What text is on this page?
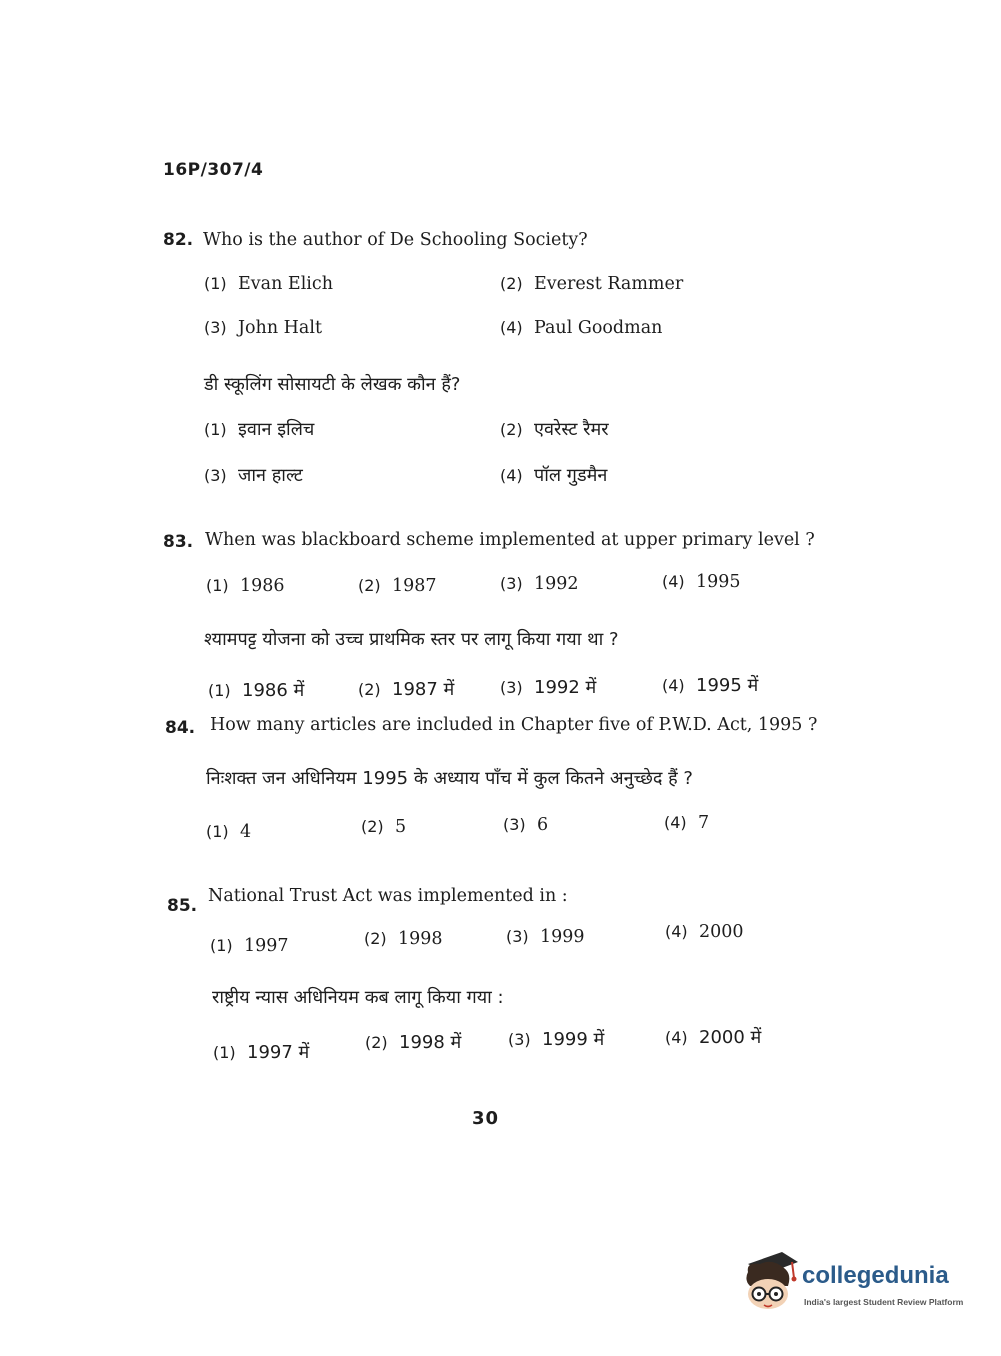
16P/307/4
82. Who is the author of De Schooling Society?
(1) Evan Elich	(2) Everest Rammer
(3) John Halt	(4) Paul Goodman
डी स्कूलिंग सोसायटी के लेखक कौन हैं?
(1) इवान इलिच	(2) एवरेस्ट रैमर
(3) जान हाल्ट	(4) पॉल गुडमैन
83. When was blackboard scheme implemented at upper primary level ?
(1) 1986	(2) 1987	(3) 1992	(4) 1995
श्यामपट्ट योजना को उच्च प्राथमिक स्तर पर लागू किया गया था ?
(1) 1986 में	(2) 1987 में	(3) 1992 में	(4) 1995 में
84. How many articles are included in Chapter five of P.W.D. Act, 1995 ?
निःशक्त जन अधिनियम 1995 के अध्याय पाँच में कुल कितने अनुच्छेद हैं ?
(1) 4	(2) 5	(3) 6	(4) 7
85. National Trust Act was implemented in :
(1) 1997	(2) 1998	(3) 1999	(4) 2000
राष्ट्रीय न्यास अधिनियम कब लागू किया गया :
(1) 1997 में	(2) 1998 में	(3) 1999 में	(4) 2000 में
30
collegedunia
India's largest Student Review Platform
